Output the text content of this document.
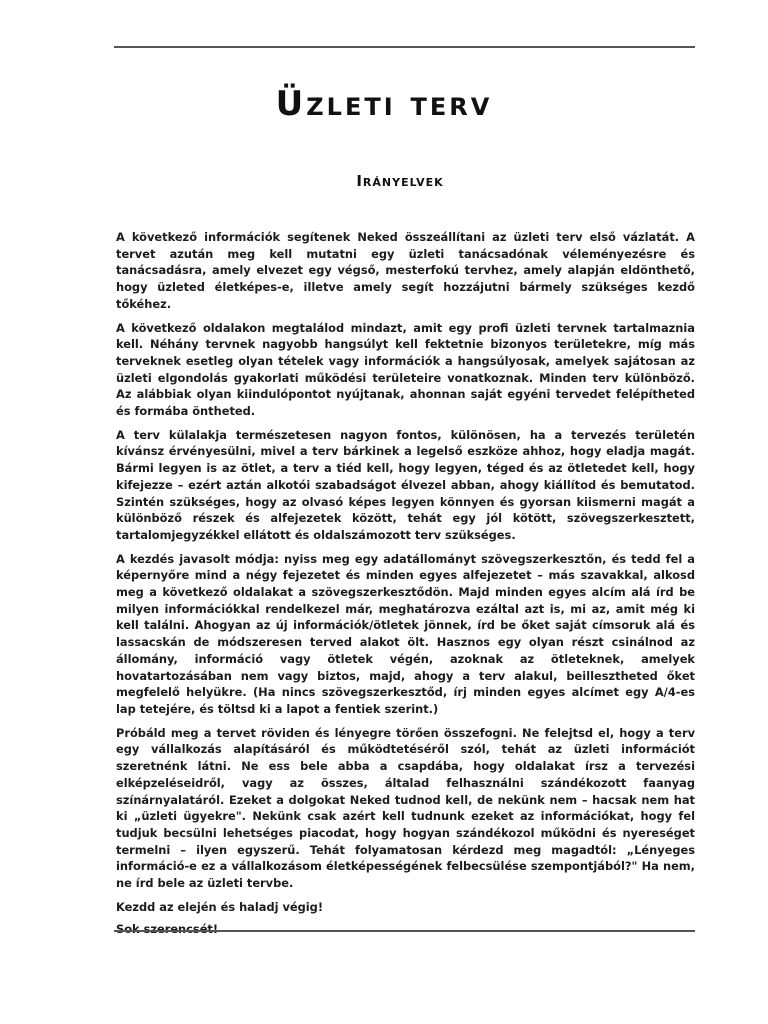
Üzleti terv
Irányelvek

A következő információk segítenek Neked összeállítani az üzleti terv első vázlatát. A tervet azután meg kell mutatni egy üzleti tanácsadónak véleményezésre és tanácsadásra, amely elvezet egy végső, mesterfokú tervhez, amely alapján eldönthető, hogy üzleted életképes-e, illetve amely segít hozzájutni bármely szükséges kezdő tőkéhez.

A következő oldalakon megtalálod mindazt, amit egy profi üzleti tervnek tartalmaznia kell. Néhány tervnek nagyobb hangsúlyt kell fektetnie bizonyos területekre, míg más terveknek esetleg olyan tételek vagy információk a hangsúlyosak, amelyek sajátosan az üzleti elgondolás gyakorlati működési területeire vonatkoznak. Minden terv különböző. Az alábbiak olyan kiindulópontot nyújtanak, ahonnan saját egyéni tervedet felépítheted és formába öntheted.

A terv külalakja természetesen nagyon fontos, különösen, ha a tervezés területén kívánsz érvényesülni, mivel a terv bárkinek a legelső eszköze ahhoz, hogy eladja magát. Bármi legyen is az ötlet, a terv a tiéd kell, hogy legyen, téged és az ötletedet kell, hogy kifejezze – ezért aztán alkotói szabadságot élvezel abban, ahogy kiállítod és bemutatod. Szintén szükséges, hogy az olvasó képes legyen könnyen és gyorsan kiismerni magát a különböző részek és alfejezetek között, tehát egy jól kötött, szövegszerkesztett, tartalomjegyzékkel ellátott és oldalszámozott terv szükséges.

A kezdés javasolt módja: nyiss meg egy adatállományt szövegszerkesztőn, és tedd fel a képernyőre mind a négy fejezetet és minden egyes alfejezetet – más szavakkal, alkosd meg a következő oldalakat a szövegszerkesztődön. Majd minden egyes alcím alá írd be milyen információkkal rendelkezel már, meghatározva ezáltal azt is, mi az, amit még ki kell találni. Ahogyan az új információk/ötletek jönnek, írd be őket saját címsoruk alá és lassacskán de módszeresen terved alakot ölt. Hasznos egy olyan részt csinálnod az állomány, információ vagy ötletek végén, azoknak az ötleteknek, amelyek hovatartozásában nem vagy biztos, majd, ahogy a terv alakul, beillesztheted őket megfelelő helyükre. (Ha nincs szövegszerkesztőd, írj minden egyes alcímet egy A/4-es lap tetejére, és töltsd ki a lapot a fentiek szerint.)

Próbáld meg a tervet röviden és lényegre törően összefogni. Ne felejtsd el, hogy a terv egy vállalkozás alapításáról és működtetéséről szól, tehát az üzleti információt szeretnénk látni. Ne ess bele abba a csapdába, hogy oldalakat írsz a tervezési elképzeléseidről, vagy az összes, általad felhasználni szándékozott faanyag színárnyalatáról. Ezeket a dolgokat Neked tudnod kell, de nekünk nem – hacsak nem hat ki „üzleti ügyekre". Nekünk csak azért kell tudnunk ezeket az információkat, hogy fel tudjuk becsülni lehetséges piacodat, hogy hogyan szándékozol működni és nyereséget termelni – ilyen egyszerű. Tehát folyamatosan kérdezd meg magadtól: „Lényeges információ-e ez a vállalkozásom életképességének felbecsülése szempontjából?" Ha nem, ne írd bele az üzleti tervbe.

Kezdd az elején és haladj végig!

Sok szerencsét!
